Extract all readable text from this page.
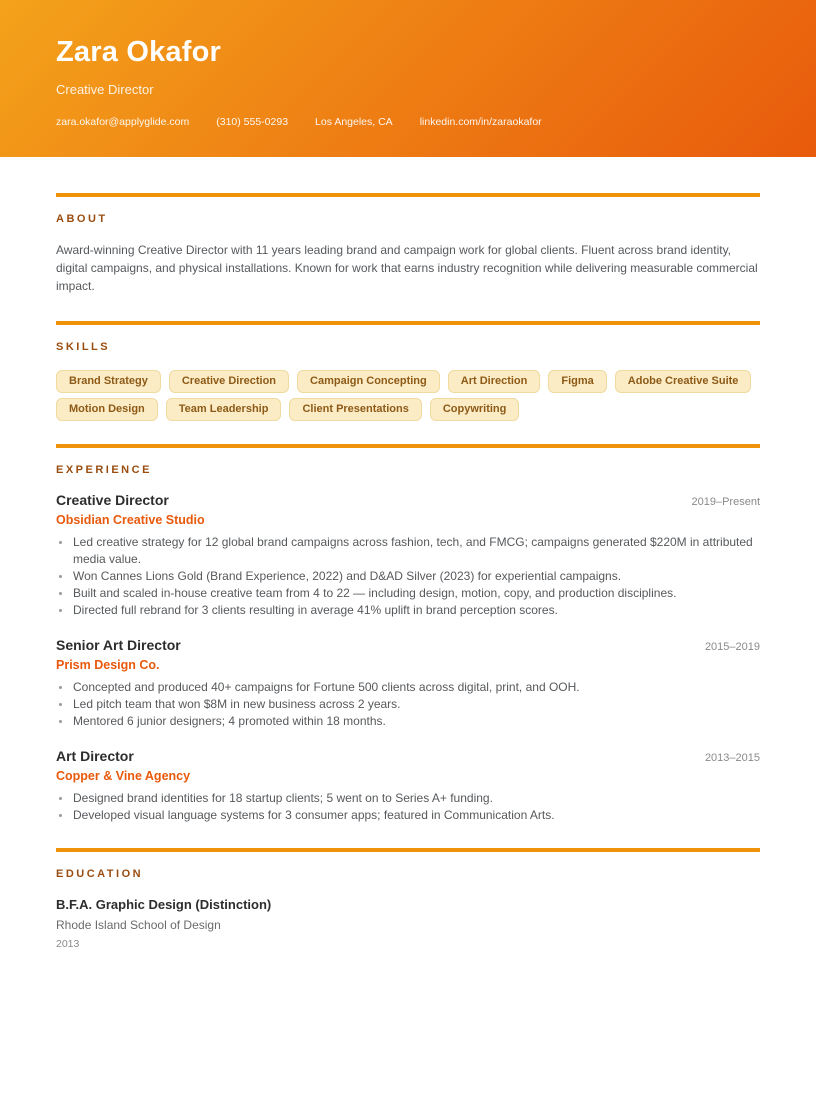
Zara Okafor
Creative Director
zara.okafor@applyglide.com	(310) 555-0293	Los Angeles, CA	linkedin.com/in/zaraokafor
ABOUT

Award-winning Creative Director with 11 years leading brand and campaign work for global clients. Fluent across brand identity, digital campaigns, and physical installations. Known for work that earns industry recognition while delivering measurable commercial impact.

SKILLS
Brand Strategy	Creative Direction	Campaign Concepting	Art Direction	Figma	Adobe Creative Suite
Motion Design	Team Leadership	Client Presentations	Copywriting
EXPERIENCE
Creative Director	2019–Present
Obsidian Creative Studio
Led creative strategy for 12 global brand campaigns across fashion, tech, and FMCG; campaigns generated $220M in attributed media value.
Won Cannes Lions Gold (Brand Experience, 2022) and D&AD Silver (2023) for experiential campaigns.
Built and scaled in-house creative team from 4 to 22 — including design, motion, copy, and production disciplines.
Directed full rebrand for 3 clients resulting in average 41% uplift in brand perception scores.
Senior Art Director	2015–2019
Prism Design Co.
Concepted and produced 40+ campaigns for Fortune 500 clients across digital, print, and OOH.
Led pitch team that won $8M in new business across 2 years.
Mentored 6 junior designers; 4 promoted within 18 months.
Art Director	2013–2015
Copper & Vine Agency
Designed brand identities for 18 startup clients; 5 went on to Series A+ funding.
Developed visual language systems for 3 consumer apps; featured in Communication Arts.
EDUCATION
B.F.A. Graphic Design (Distinction)
Rhode Island School of Design
2013
